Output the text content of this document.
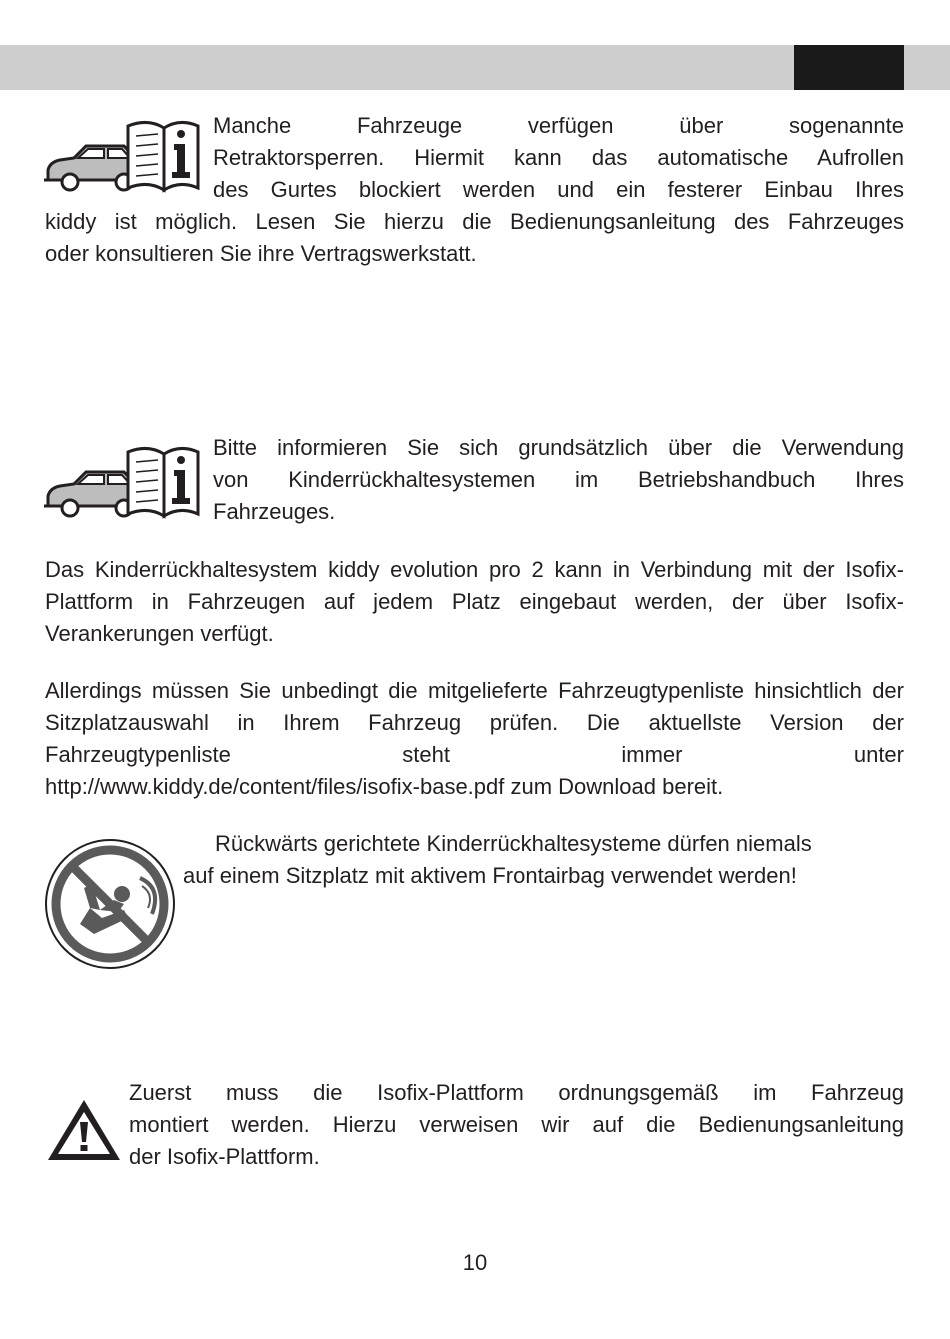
Manche Fahrzeuge verfügen über sogenannte

Retraktorsperren. Hiermit kann das automatische Aufrollen

des Gurtes blockiert werden und ein festerer Einbau Ihres

kiddy ist möglich. Lesen Sie hierzu die Bedienungsanleitung des Fahrzeuges

oder konsultieren Sie ihre Vertragswerkstatt.

Bitte informieren Sie sich grundsätzlich über die Verwendung

von Kinderrückhaltesystemen im Betriebshandbuch Ihres

Fahrzeuges.

Das Kinderrückhaltesystem kiddy evolution pro 2 kann in Verbindung mit der Isofix-Plattform in Fahrzeugen auf jedem Platz eingebaut werden, der über Isofix-Verankerungen verfügt.

Allerdings müssen Sie unbedingt die mitgelieferte Fahrzeugtypenliste hinsichtlich der Sitzplatzauswahl in Ihrem Fahrzeug prüfen. Die aktuellste Version der Fahrzeugtypenliste steht immer unter

http://www.kiddy.de/content/files/isofix-base.pdf zum Download bereit.

Rückwärts gerichtete Kinderrückhaltesysteme dürfen niemals

auf einem Sitzplatz mit aktivem Frontairbag verwendet werden!

Zuerst muss die Isofix-Plattform ordnungsgemäß im Fahrzeug

montiert werden. Hierzu verweisen wir auf die Bedienungsanleitung

der Isofix-Plattform.

10
